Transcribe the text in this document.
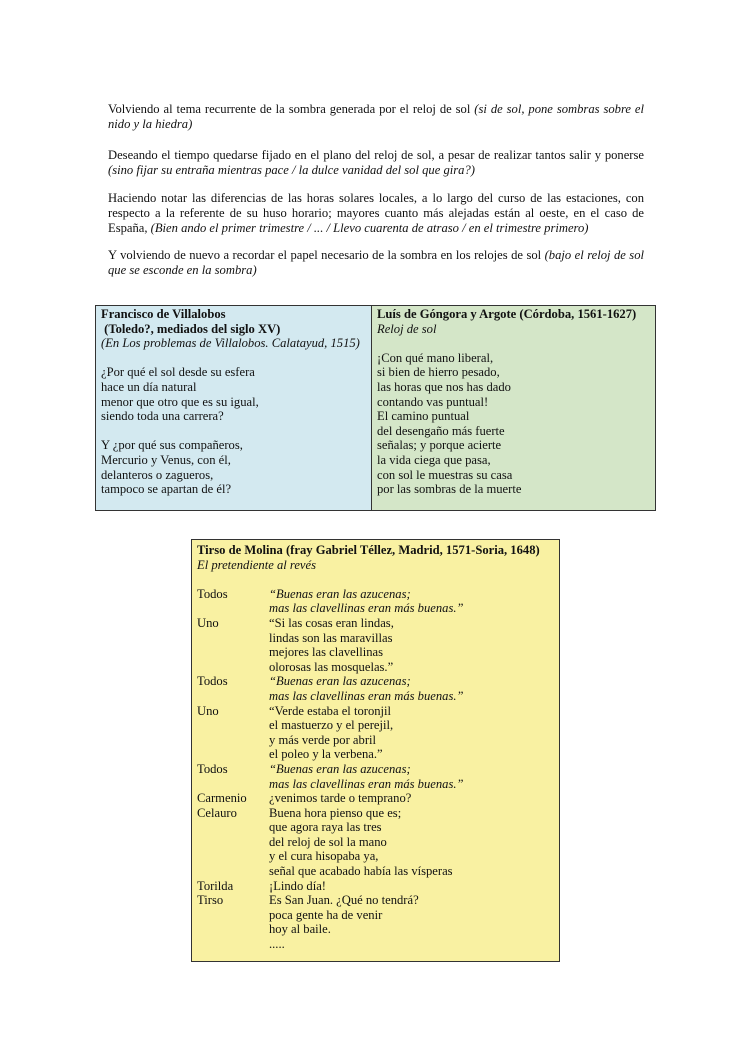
Volviendo al tema recurrente de la sombra generada por el reloj de sol (si de sol, pone sombras sobre el nido y la hiedra)

Deseando el tiempo quedarse fijado en el plano del reloj de sol, a pesar de realizar tantos salir y ponerse (sino fijar su entraña mientras pace / la dulce vanidad del sol que gira?)

Haciendo notar las diferencias de las horas solares locales, a lo largo del curso de las estaciones, con respecto a la referente de su huso horario; mayores cuanto más alejadas están al oeste, en el caso de España, (Bien ando el primer trimestre / ... / Llevo cuarenta de atraso / en el trimestre primero)

Y volviendo de nuevo a recordar el papel necesario de la sombra en los relojes de sol (bajo el reloj de sol que se esconde en la sombra)

Francisco de Villalobos
(Toledo?, mediados del siglo XV)
(En Los problemas de Villalobos. Calatayud, 1515)
¿Por qué el sol desde su esfera
hace un día natural
menor que otro que es su igual,
siendo toda una carrera?
Y ¿por qué sus compañeros,
Mercurio y Venus, con él,
delanteros o zagueros,
tampoco se apartan de él?
Luís de Góngora y Argote (Córdoba, 1561-1627)
Reloj de sol
¡Con qué mano liberal,
si bien de hierro pesado,
las horas que nos has dado
contando vas puntual!
El camino puntual
del desengaño más fuerte
señalas; y porque acierte
la vida ciega que pasa,
con sol le muestras su casa
por las sombras de la muerte
Tirso de Molina (fray Gabriel Téllez, Madrid, 1571-Soria, 1648)
El pretendiente al revés
Todos	“Buenas eran las azucenas;
mas las clavellinas eran más buenas.”
Uno	“Si las cosas eran lindas,
lindas son las maravillas
mejores las clavellinas
olorosas las mosquelas.”
Todos	“Buenas eran las azucenas;
mas las clavellinas eran más buenas.”
Uno	“Verde estaba el toronjil
el mastuerzo y el perejil,
y más verde por abril
el poleo y la verbena.”
Todos	“Buenas eran las azucenas;
mas las clavellinas eran más buenas.”
Carmenio	¿venimos tarde o temprano?
Celauro	Buena hora pienso que es;
que agora raya las tres
del reloj de sol la mano
y el cura hisopaba ya,
señal que acabado había las vísperas
Torilda	¡Lindo día!
Tirso	Es San Juan. ¿Qué no tendrá?
poca gente ha de venir
hoy al baile.
.....
